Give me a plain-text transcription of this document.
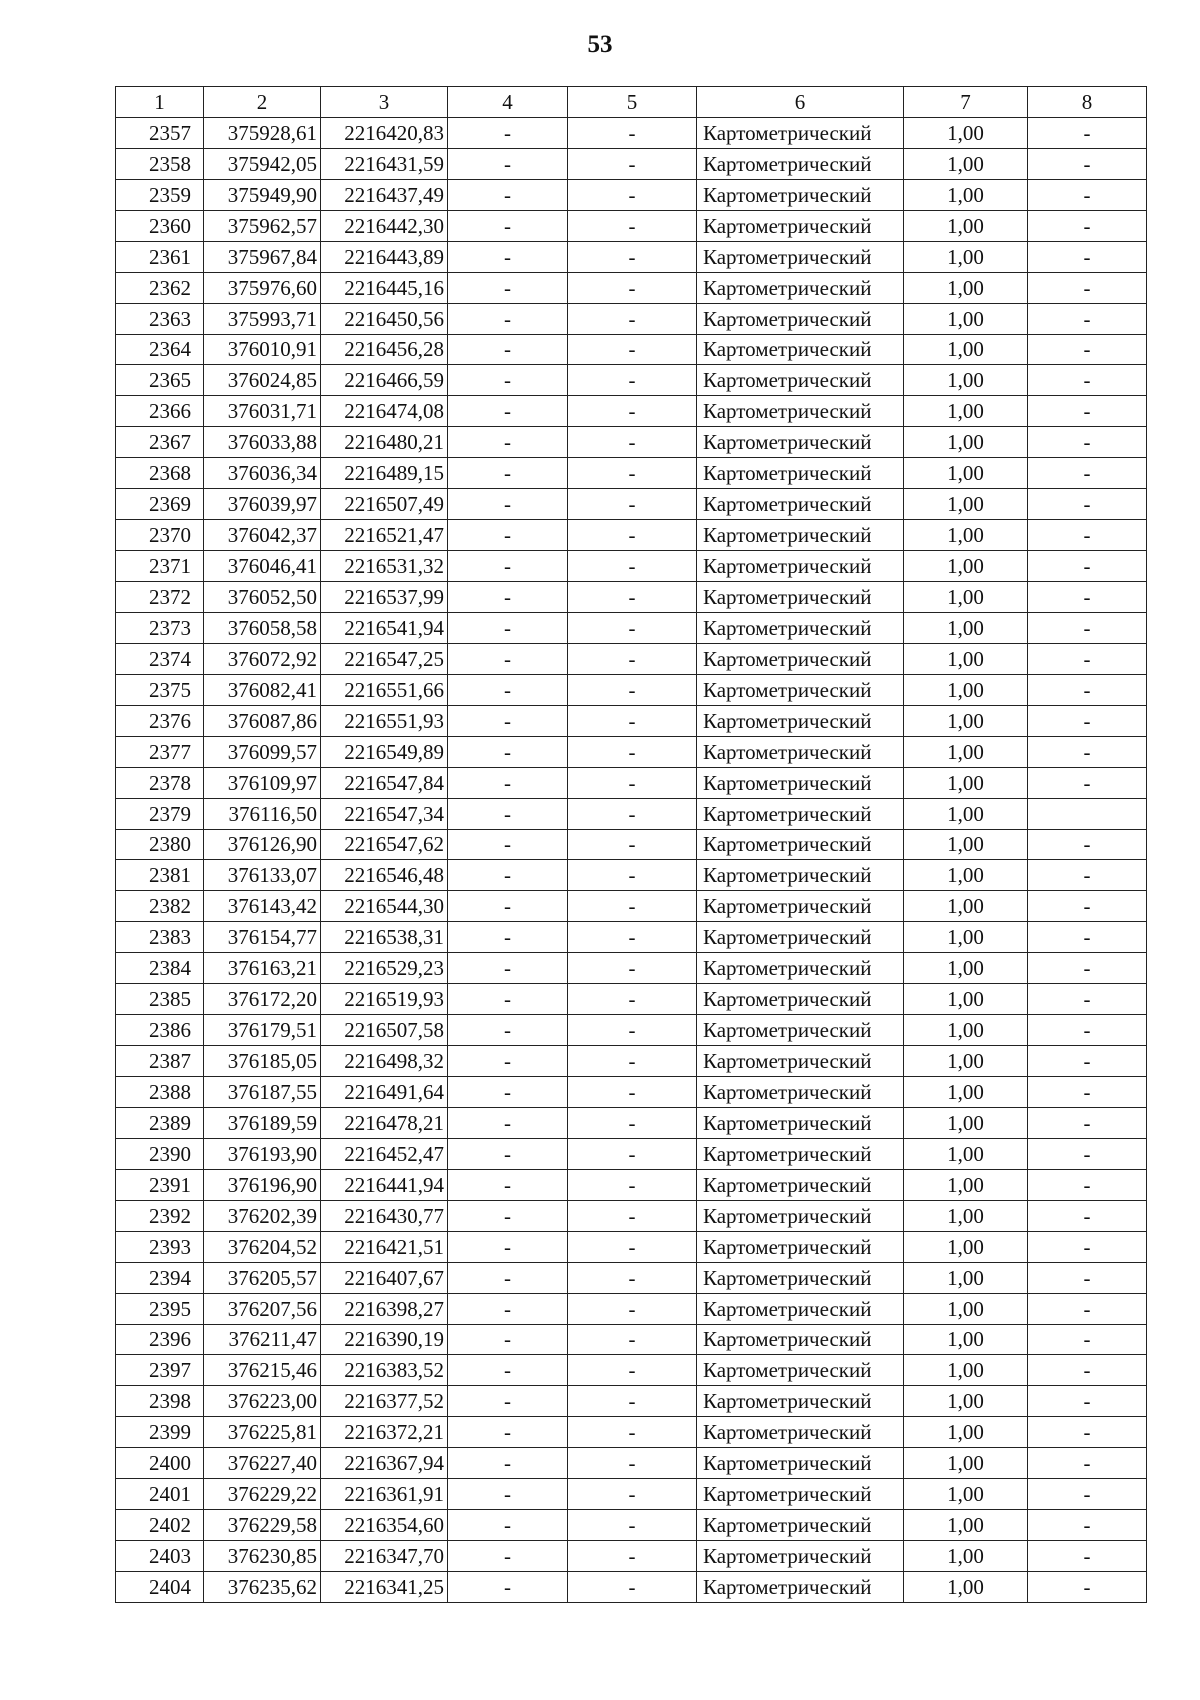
53
1	2	3	4	5	6	7	8
2357	375928,61	2216420,83	-	-	Картометрический	1,00	-
2358	375942,05	2216431,59	-	-	Картометрический	1,00	-
2359	375949,90	2216437,49	-	-	Картометрический	1,00	-
2360	375962,57	2216442,30	-	-	Картометрический	1,00	-
2361	375967,84	2216443,89	-	-	Картометрический	1,00	-
2362	375976,60	2216445,16	-	-	Картометрический	1,00	-
2363	375993,71	2216450,56	-	-	Картометрический	1,00	-
2364	376010,91	2216456,28	-	-	Картометрический	1,00	-
2365	376024,85	2216466,59	-	-	Картометрический	1,00	-
2366	376031,71	2216474,08	-	-	Картометрический	1,00	-
2367	376033,88	2216480,21	-	-	Картометрический	1,00	-
2368	376036,34	2216489,15	-	-	Картометрический	1,00	-
2369	376039,97	2216507,49	-	-	Картометрический	1,00	-
2370	376042,37	2216521,47	-	-	Картометрический	1,00	-
2371	376046,41	2216531,32	-	-	Картометрический	1,00	-
2372	376052,50	2216537,99	-	-	Картометрический	1,00	-
2373	376058,58	2216541,94	-	-	Картометрический	1,00	-
2374	376072,92	2216547,25	-	-	Картометрический	1,00	-
2375	376082,41	2216551,66	-	-	Картометрический	1,00	-
2376	376087,86	2216551,93	-	-	Картометрический	1,00	-
2377	376099,57	2216549,89	-	-	Картометрический	1,00	-
2378	376109,97	2216547,84	-	-	Картометрический	1,00	-
2379	376116,50	2216547,34	-	-	Картометрический	1,00	
2380	376126,90	2216547,62	-	-	Картометрический	1,00	-
2381	376133,07	2216546,48	-	-	Картометрический	1,00	-
2382	376143,42	2216544,30	-	-	Картометрический	1,00	-
2383	376154,77	2216538,31	-	-	Картометрический	1,00	-
2384	376163,21	2216529,23	-	-	Картометрический	1,00	-
2385	376172,20	2216519,93	-	-	Картометрический	1,00	-
2386	376179,51	2216507,58	-	-	Картометрический	1,00	-
2387	376185,05	2216498,32	-	-	Картометрический	1,00	-
2388	376187,55	2216491,64	-	-	Картометрический	1,00	-
2389	376189,59	2216478,21	-	-	Картометрический	1,00	-
2390	376193,90	2216452,47	-	-	Картометрический	1,00	-
2391	376196,90	2216441,94	-	-	Картометрический	1,00	-
2392	376202,39	2216430,77	-	-	Картометрический	1,00	-
2393	376204,52	2216421,51	-	-	Картометрический	1,00	-
2394	376205,57	2216407,67	-	-	Картометрический	1,00	-
2395	376207,56	2216398,27	-	-	Картометрический	1,00	-
2396	376211,47	2216390,19	-	-	Картометрический	1,00	-
2397	376215,46	2216383,52	-	-	Картометрический	1,00	-
2398	376223,00	2216377,52	-	-	Картометрический	1,00	-
2399	376225,81	2216372,21	-	-	Картометрический	1,00	-
2400	376227,40	2216367,94	-	-	Картометрический	1,00	-
2401	376229,22	2216361,91	-	-	Картометрический	1,00	-
2402	376229,58	2216354,60	-	-	Картометрический	1,00	-
2403	376230,85	2216347,70	-	-	Картометрический	1,00	-
2404	376235,62	2216341,25	-	-	Картометрический	1,00	-
